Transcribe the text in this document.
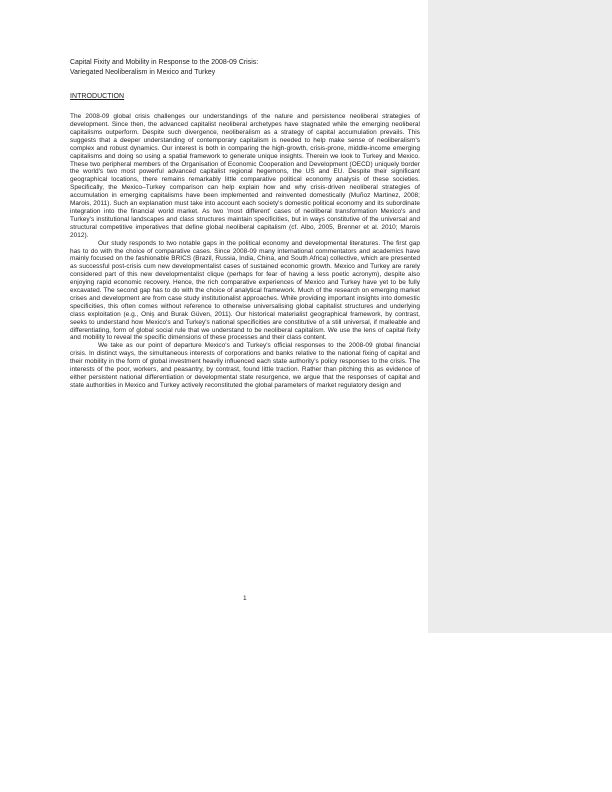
Capital Fixity and Mobility in Response to the 2008-09 Crisis:
Variegated Neoliberalism in Mexico and Turkey
INTRODUCTION

The 2008-09 global crisis challenges our understandings of the nature and persistence neoliberal strategies of development. Since then, the advanced capitalist neoliberal archetypes have stagnated while the emerging neoliberal capitalisms outperform. Despite such divergence, neoliberalism as a strategy of capital accumulation prevails. This suggests that a deeper understanding of contemporary capitalism is needed to help make sense of neoliberalism's complex and robust dynamics. Our interest is both in comparing the high-growth, crisis-prone, middle-income emerging capitalisms and doing so using a spatial framework to generate unique insights. Therein we look to Turkey and Mexico. These two peripheral members of the Organisation of Economic Cooperation and Development (OECD) uniquely border the world's two most powerful advanced capitalist regional hegemons, the US and EU. Despite their significant geographical locations, there remains remarkably little comparative political economy analysis of these societies. Specifically, the Mexico–Turkey comparison can help explain how and why crisis-driven neoliberal strategies of accumulation in emerging capitalisms have been implemented and reinvented domestically (Muñoz Martinez, 2008; Marois, 2011). Such an explanation must take into account each society's domestic political economy and its subordinate integration into the financial world market. As two 'most different' cases of neoliberal transformation Mexico's and Turkey's institutional landscapes and class structures maintain specificities, but in ways constitutive of the universal and structural competitive imperatives that define global neoliberal capitalism (cf. Albo, 2005, Brenner et al. 2010; Marois 2012).

Our study responds to two notable gaps in the political economy and developmental literatures. The first gap has to do with the choice of comparative cases. Since 2008-09 many international commentators and academics have mainly focused on the fashionable BRICS (Brazil, Russia, India, China, and South Africa) collective, which are presented as successful post-crisis cum new developmentalist cases of sustained economic growth. Mexico and Turkey are rarely considered part of this new developmentalist clique (perhaps for fear of having a less poetic acronym), despite also enjoying rapid economic recovery. Hence, the rich comparative experiences of Mexico and Turkey have yet to be fully excavated. The second gap has to do with the choice of analytical framework. Much of the research on emerging market crises and development are from case study institutionalist approaches. While providing important insights into domestic specificities, this often comes without reference to otherwise universalising global capitalist structures and underlying class exploitation (e.g., Oniş and Burak Güven, 2011). Our historical materialist geographical framework, by contrast, seeks to understand how Mexico's and Turkey's national specificities are constitutive of a still universal, if malleable and differentiating, form of global social rule that we understand to be neoliberal capitalism. We use the lens of capital fixity and mobility to reveal the specific dimensions of these processes and their class content.

We take as our point of departure Mexico's and Turkey's official responses to the 2008-09 global financial crisis. In distinct ways, the simultaneous interests of corporations and banks relative to the national fixing of capital and their mobility in the form of global investment heavily influenced each state authority's policy responses to the crisis. The interests of the poor, workers, and peasantry, by contrast, found little traction. Rather than pitching this as evidence of either persistent national differentiation or developmental state resurgence, we argue that the responses of capital and state authorities in Mexico and Turkey actively reconstituted the global parameters of market regulatory design and

1
